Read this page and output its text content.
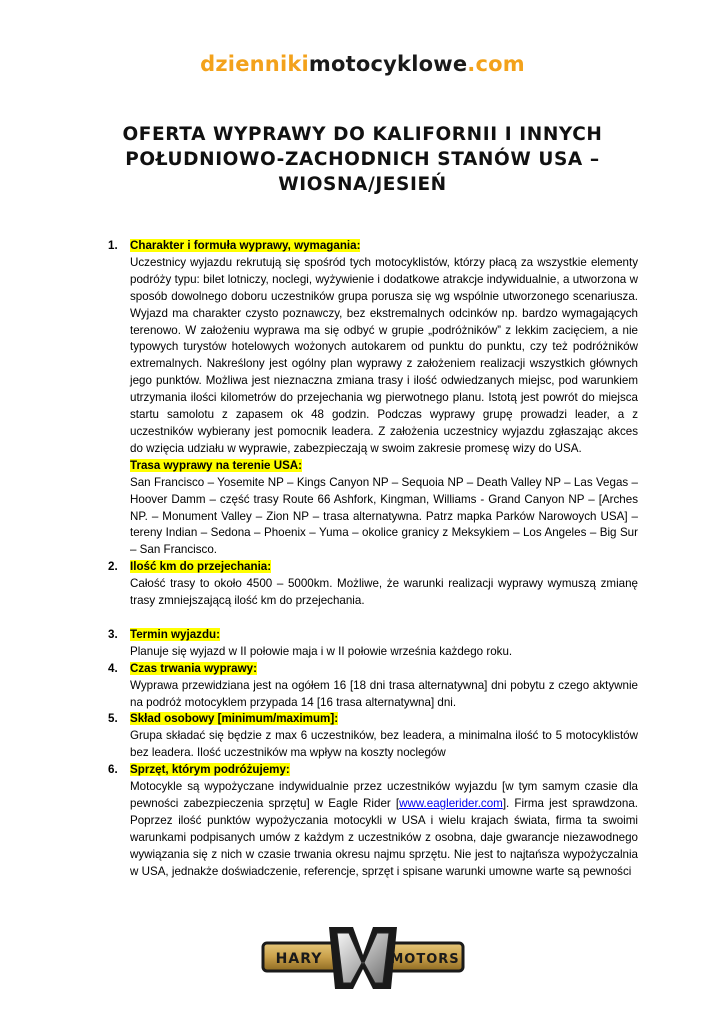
dziennikimotocyklowe.com
OFERTA WYPRAWY DO KALIFORNII I INNYCH POŁUDNIOWO-ZACHODNICH STANÓW USA – WIOSNA/JESIEŃ
1.	Charakter i formuła wyprawy, wymagania:
Uczestnicy wyjazdu rekrutują się spośród tych motocyklistów, którzy płacą za wszystkie elementy podróży typu: bilet lotniczy, noclegi, wyżywienie i dodatkowe atrakcje indywidualnie, a utworzona w sposób dowolnego doboru uczestników grupa porusza się wg wspólnie utworzonego scenariusza. Wyjazd ma charakter czysto poznawczy, bez ekstremalnych odcinków np. bardzo wymagających terenowo. W założeniu wyprawa ma się odbyć w grupie „podróżników” z lekkim zacięciem, a nie typowych turystów hotelowych wożonych autokarem od punktu do punktu, czy też podróżników extremalnych. Nakreślony jest ogólny plan wyprawy z założeniem realizacji wszystkich głównych jego punktów. Możliwa jest nieznaczna zmiana trasy i ilość odwiedzanych miejsc, pod warunkiem utrzymania ilości kilometrów do przejechania wg pierwotnego planu. Istotą jest powrót do miejsca startu samolotu z zapasem ok 48 godzin. Podczas wyprawy grupę prowadzi leader, a z uczestników wybierany jest pomocnik leadera. Z założenia uczestnicy wyjazdu zgłaszając akces do wzięcia udziału w wyprawie, zabezpieczają w swoim zakresie promesę wizy do USA.
Trasa wyprawy na terenie USA:
San Francisco – Yosemite NP – Kings Canyon NP – Sequoia NP – Death Valley NP – Las Vegas – Hoover Damm – część trasy Route 66 Ashfork, Kingman, Williams - Grand Canyon NP – [Arches NP. – Monument Valley – Zion NP – trasa alternatywna. Patrz mapka Parków Narowoych USA] – tereny Indian – Sedona – Phoenix – Yuma – okolice granicy z Meksykiem – Los Angeles – Big Sur – San Francisco.
2.	Ilość km do przejechania:
Całość trasy to około 4500 – 5000km. Możliwe, że warunki realizacji wyprawy wymuszą zmianę trasy zmniejszającą ilość km do przejechania.
3.	Termin wyjazdu:
Planuje się wyjazd w II połowie maja i w II połowie września każdego roku.
4.	Czas trwania wyprawy:
Wyprawa przewidziana jest na ogółem 16 [18 dni trasa alternatywna] dni pobytu z czego aktywnie na podróż motocyklem przypada 14 [16 trasa alternatywna] dni.
5.	Skład osobowy [minimum/maximum]:
Grupa składać się będzie z max 6 uczestników, bez leadera, a minimalna ilość to 5 motocyklistów bez leadera. Ilość uczestników ma wpływ na koszty noclegów
6.	Sprzęt, którym podróżujemy:
Motocykle są wypożyczane indywidualnie przez uczestników wyjazdu [w tym samym czasie dla pewności zabezpieczenia sprzętu] w Eagle Rider [www.eaglerider.com]. Firma jest sprawdzona. Poprzez ilość punktów wypożyczania motocykli w USA i wielu krajach świata, firma ta swoimi warunkami podpisanych umów z każdym z uczestników z osobna, daje gwarancje niezawodnego wywiązania się z nich w czasie trwania okresu najmu sprzętu. Nie jest to najtańsza wypożyczalnia w USA, jednakże doświadczenie, referencje, sprzęt i spisane warunki umowne warte są pewności
HARY	MOTORS
